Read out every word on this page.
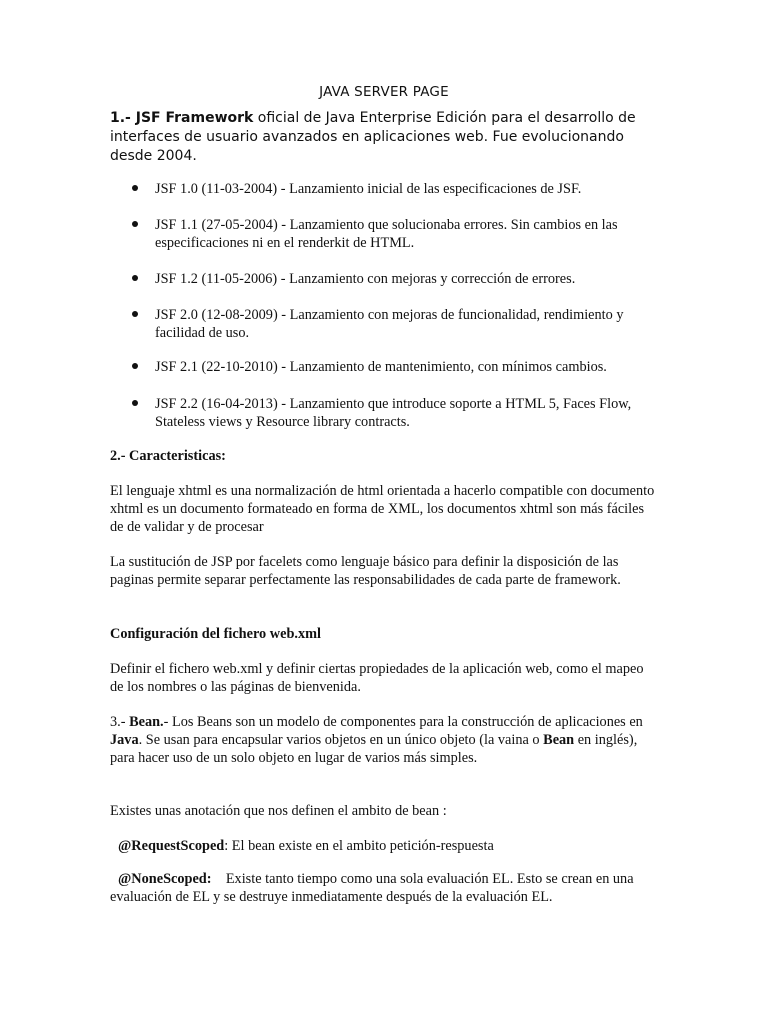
JAVA SERVER PAGE
1.- JSF Framework oficial de Java Enterprise Edición para el desarrollo de interfaces de usuario avanzados en aplicaciones web. Fue evolucionando desde 2004.
JSF 1.0 (11-03-2004) - Lanzamiento inicial de las especificaciones de JSF.
JSF 1.1 (27-05-2004) - Lanzamiento que solucionaba errores. Sin cambios en las especificaciones ni en el renderkit de HTML.
JSF 1.2 (11-05-2006) - Lanzamiento con mejoras y corrección de errores.
JSF 2.0 (12-08-2009) - Lanzamiento con mejoras de funcionalidad, rendimiento y facilidad de uso.
JSF 2.1 (22-10-2010) - Lanzamiento de mantenimiento, con mínimos cambios.
JSF 2.2 (16-04-2013) - Lanzamiento que introduce soporte a HTML 5, Faces Flow, Stateless views y Resource library contracts.
2.- Caracteristicas:
El lenguaje xhtml es una normalización de html orientada a hacerlo compatible con documento xhtml es un documento formateado en forma de XML, los documentos xhtml son más fáciles de de validar y de procesar
La sustitución de JSP por facelets como lenguaje básico para definir la disposición de las paginas permite separar perfectamente las responsabilidades de cada parte de framework.
Configuración del fichero web.xml
Definir el fichero web.xml y definir ciertas propiedades de la aplicación web, como el mapeo de los nombres o las páginas de bienvenida.
3.- Bean.- Los Beans son un modelo de componentes para la construcción de aplicaciones en Java. Se usan para encapsular varios objetos en un único objeto (la vaina o Bean en inglés), para hacer uso de un solo objeto en lugar de varios más simples.
Existes unas anotación que nos definen el ambito de bean :
@RequestScoped: El bean existe en el ambito petición-respuesta
@NoneScoped:    Existe tanto tiempo como una sola evaluación EL. Esto se crean en una evaluación de EL y se destruye inmediatamente después de la evaluación EL.
